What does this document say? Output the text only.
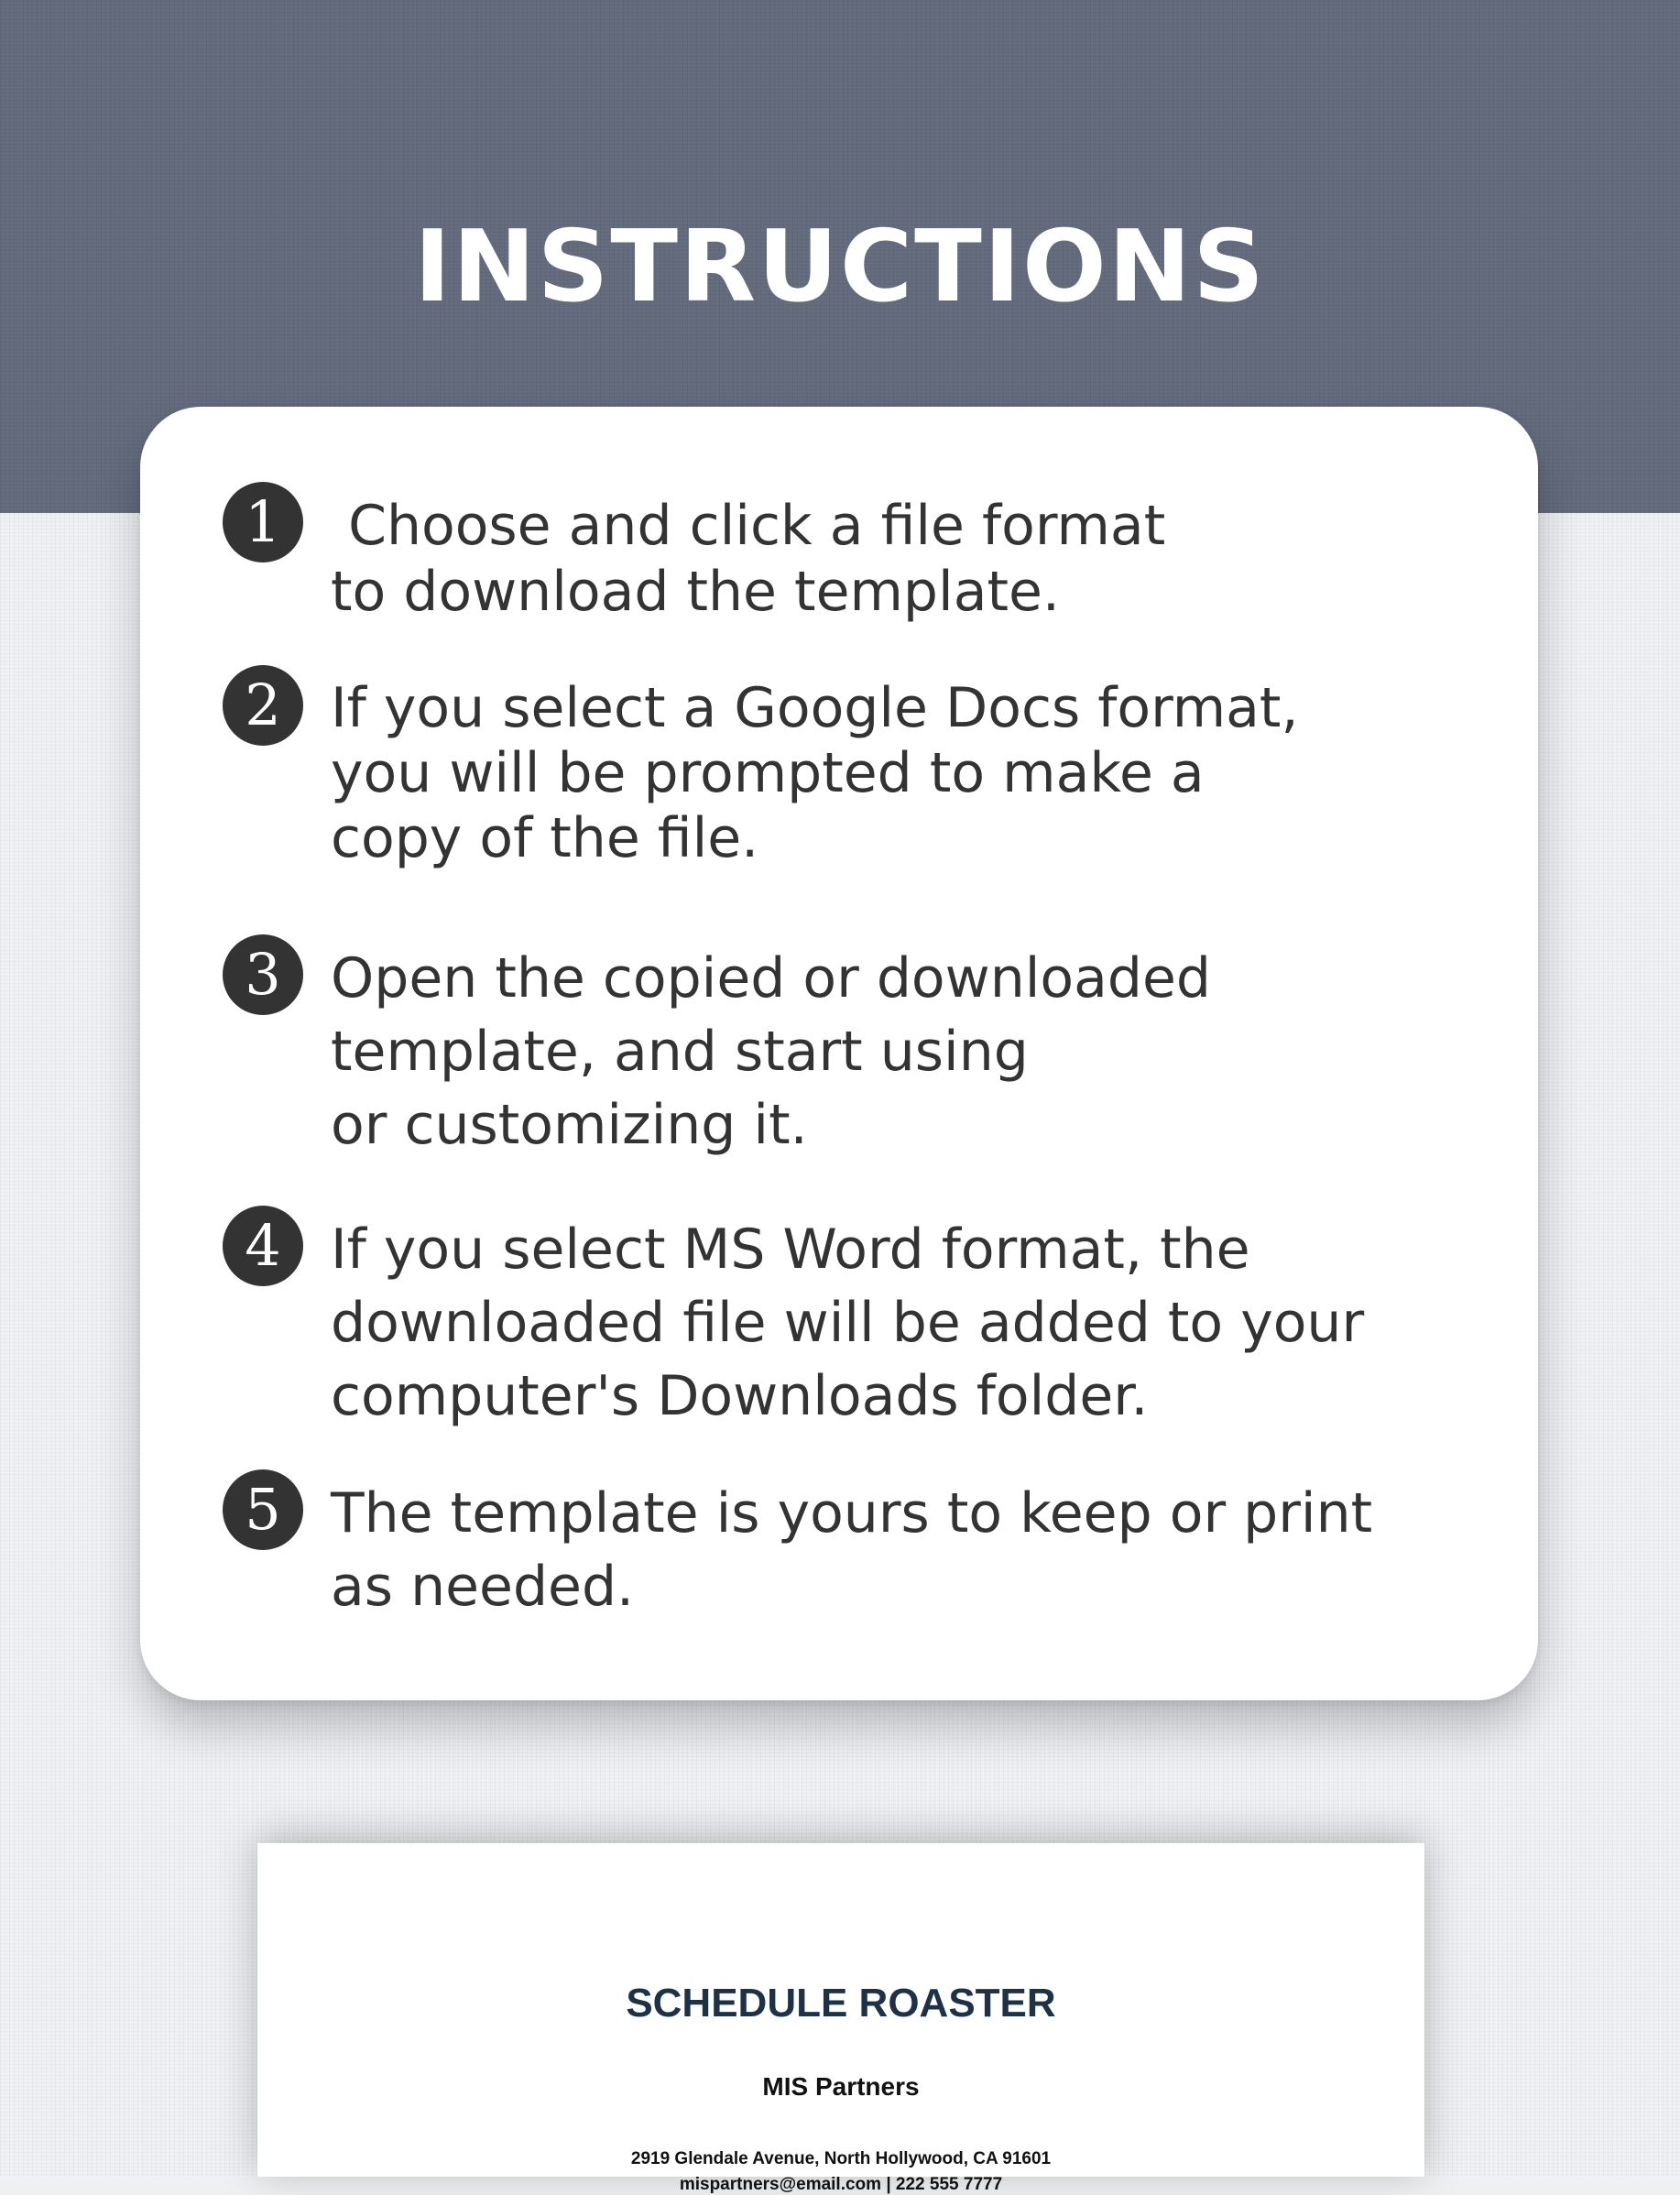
INSTRUCTIONS
1 Choose and click a file format
to download the template.
2 If you select a Google Docs format,
you will be prompted to make a
copy of the file.
3 Open the copied or downloaded
template, and start using
or customizing it.
4 If you select MS Word format, the
downloaded file will be added to your
computer's Downloads folder.
5 The template is yours to keep or print
as needed.
SCHEDULE ROASTER
MIS Partners
2919 Glendale Avenue, North Hollywood, CA 91601
mispartners@email.com | 222 555 7777
